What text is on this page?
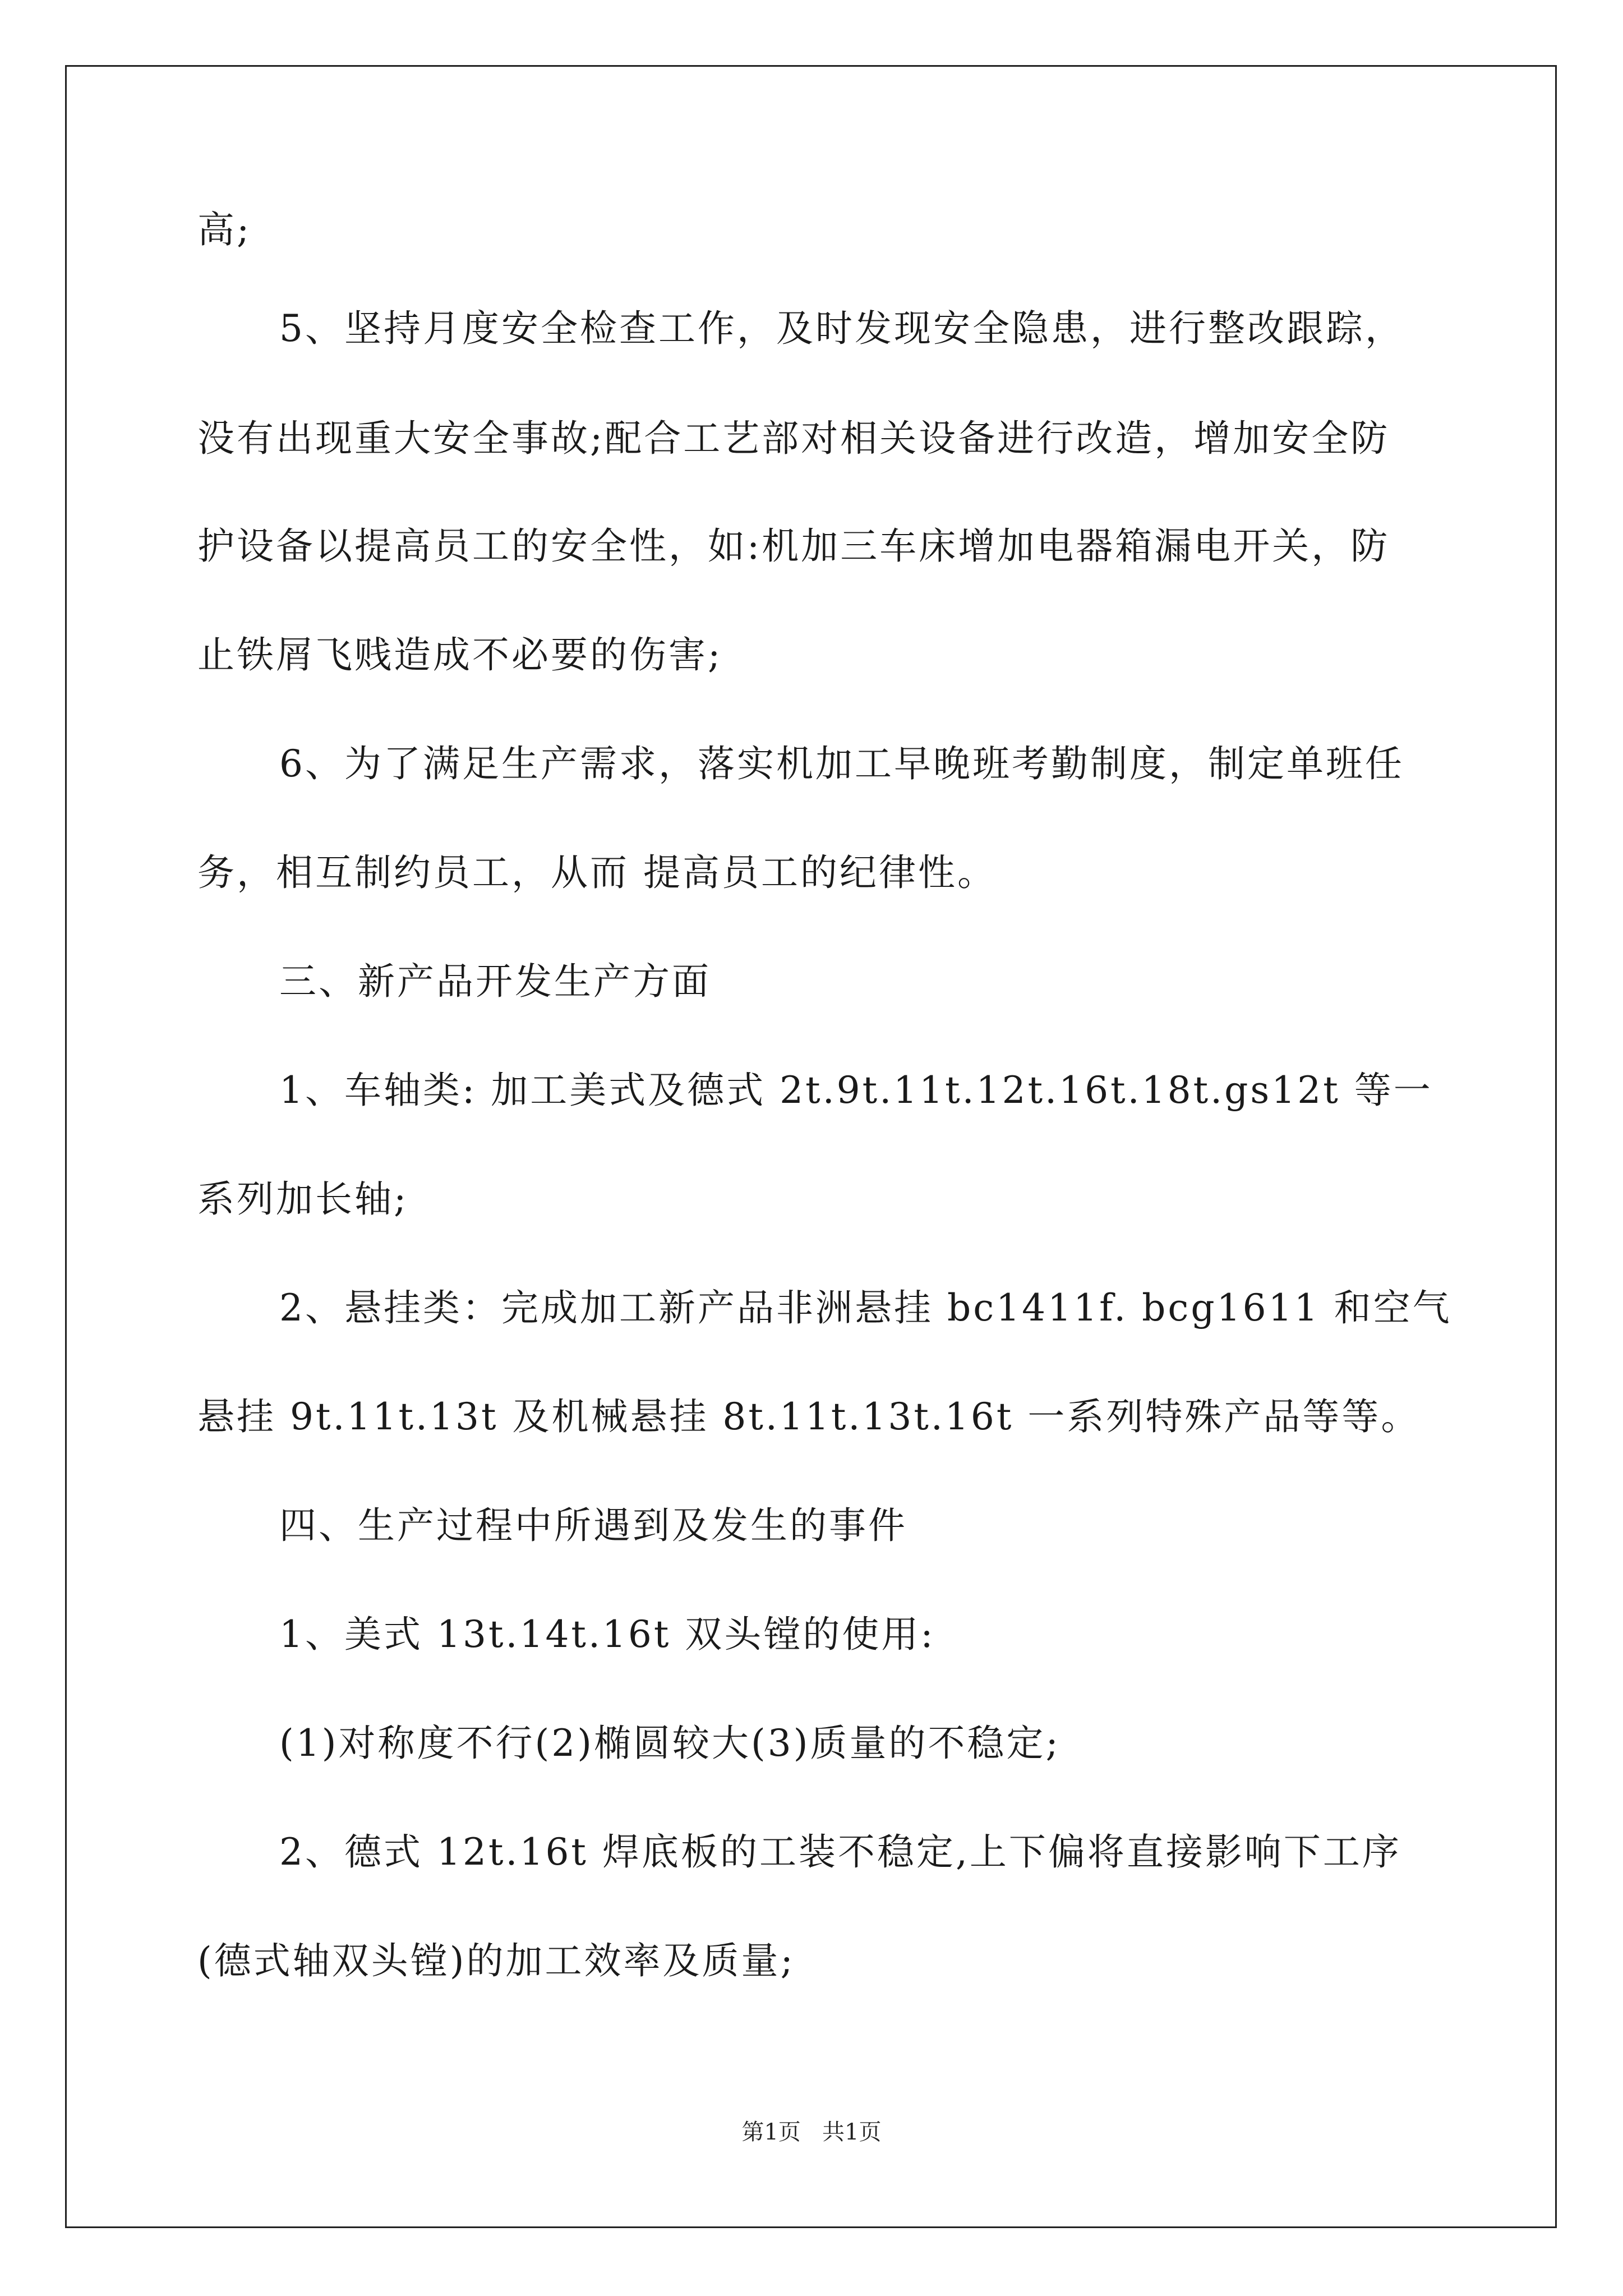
高;
5、坚持月度安全检查工作，及时发现安全隐患，进行整改跟踪，
没有出现重大安全事故;配合工艺部对相关设备进行改造，增加安全防
护设备以提高员工的安全性，如:机加三车床增加电器箱漏电开关，防
止铁屑飞贱造成不必要的伤害;
6、为了满足生产需求，落实机加工早晚班考勤制度，制定单班任
务，相互制约员工，从而 提高员工的纪律性。
三、新产品开发生产方面
1、车轴类: 加工美式及德式 2t.9t.11t.12t.16t.18t.gs12t 等一
系列加长轴;
2、悬挂类：完成加工新产品非洲悬挂 bc1411f. bcg1611 和空气
悬挂 9t.11t.13t 及机械悬挂 8t.11t.13t.16t 一系列特殊产品等等。
四、生产过程中所遇到及发生的事件
1、美式 13t.14t.16t 双头镗的使用:
(1)对称度不行(2)椭圆较大(3)质量的不稳定;
2、德式 12t.16t 焊底板的工装不稳定,上下偏将直接影响下工序
(德式轴双头镗)的加工效率及质量;
第1页   共1页
